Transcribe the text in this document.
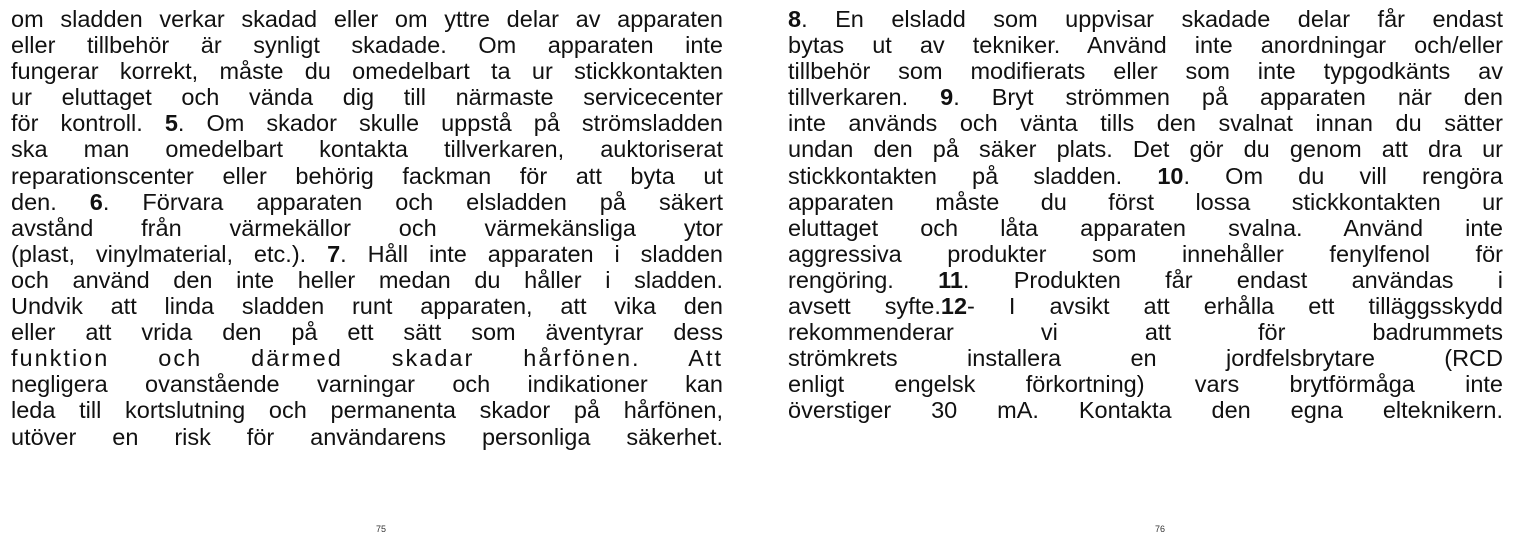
om sladden verkar skadad eller om yttre delar av apparaten
eller tillbehör är synligt skadade. Om apparaten inte
fungerar korrekt, måste du omedelbart ta ur stickkontakten
ur eluttaget och vända dig till närmaste servicecenter
för kontroll. 5. Om skador skulle uppstå på strömsladden
ska man omedelbart kontakta tillverkaren, auktoriserat
reparationscenter eller behörig fackman för att byta ut
den. 6. Förvara apparaten och elsladden på säkert
avstånd från värmekällor och värmekänsliga ytor
(plast, vinylmaterial, etc.). 7. Håll inte apparaten i sladden
och använd den inte heller medan du håller i sladden.
Undvik att linda sladden runt apparaten, att vika den
eller att vrida den på ett sätt som äventyrar dess
funktion och därmed skadar hårfönen. Att
negligera ovanstående varningar och indikationer kan
leda till kortslutning och permanenta skador på hårfönen,
utöver en risk för användarens personliga säkerhet.
75
8. En elsladd som uppvisar skadade delar får endast
bytas ut av tekniker. Använd inte anordningar och/eller
tillbehör som modifierats eller som inte typgodkänts av
tillverkaren. 9. Bryt strömmen på apparaten när den
inte används och vänta tills den svalnat innan du sätter
undan den på säker plats. Det gör du genom att dra ur
stickkontakten på sladden. 10. Om du vill rengöra
apparaten måste du först lossa stickkontakten ur
eluttaget och låta apparaten svalna. Använd inte
aggressiva produkter som innehåller fenylfenol för
rengöring. 11. Produkten får endast användas i
avsett syfte.12- I avsikt att erhålla ett tilläggsskydd
rekommenderar vi att för badrummets
strömkrets installera en jordfelsbrytare (RCD
enligt engelsk förkortning) vars brytförmåga inte
överstiger 30 mA. Kontakta den egna elteknikern.
76
